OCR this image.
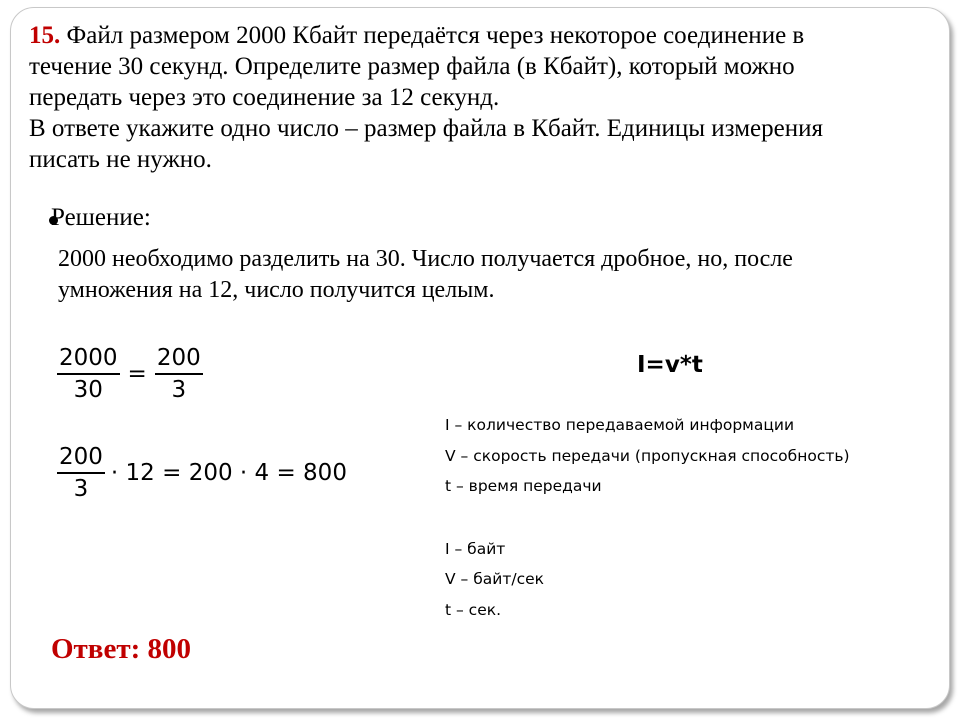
15. Файл размером 2000 Кбайт передаётся через некоторое соединение в
течение 30 секунд. Определите размер файла (в Кбайт), который можно
передать через это соединение за 12 секунд.
В ответе укажите одно число – размер файла в Кбайт. Единицы измерения
писать не нужно.
Решение:
2000 необходимо разделить на 30. Число получается дробное, но, после
умножения на 12, число получится целым.
$\frac{2000}{30} = \frac{200}{3}$
$\frac{200}{3} \cdot 12 = 200 \cdot 4 = 800$
I=v*t
I – количество передаваемой информации
V – скорость передачи (пропускная способность)
t – время передачи
I – байт
V – байт/сек
t – сек.
Ответ: 800
